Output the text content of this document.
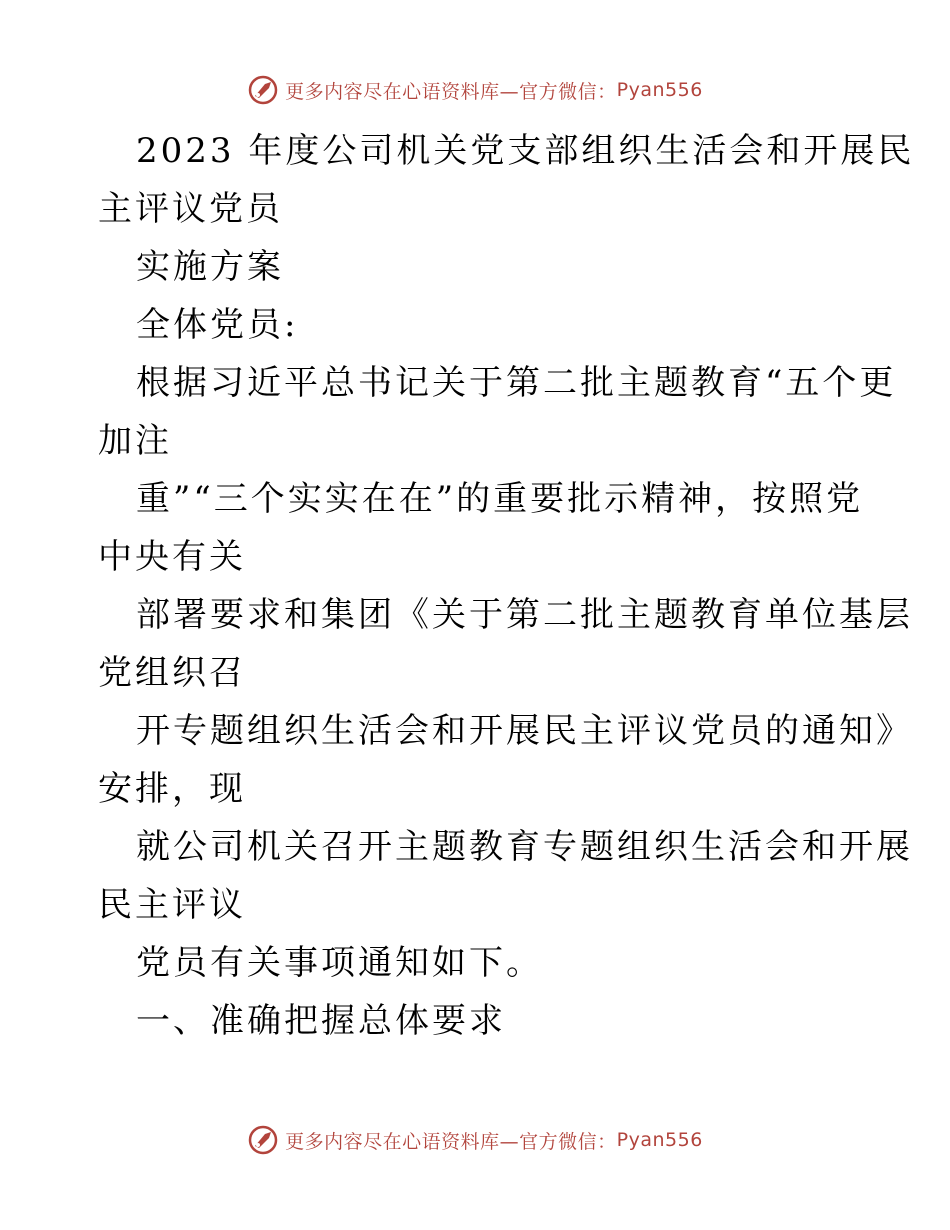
更多内容尽在心语资料库—官方微信： Pyan556
2023 年度公司机关党支部组织生活会和开展民
主评议党员
实施方案
全体党员:
根据习近平总书记关于第二批主题教育“五个更
加注
重”“三个实实在在”的重要批示精神，按照党
中央有关
部署要求和集团《关于第二批主题教育单位基层
党组织召
开专题组织生活会和开展民主评议党员的通知》
安排，现
就公司机关召开主题教育专题组织生活会和开展
民主评议
党员有关事项通知如下。
一、准确把握总体要求
更多内容尽在心语资料库—官方微信： Pyan556
